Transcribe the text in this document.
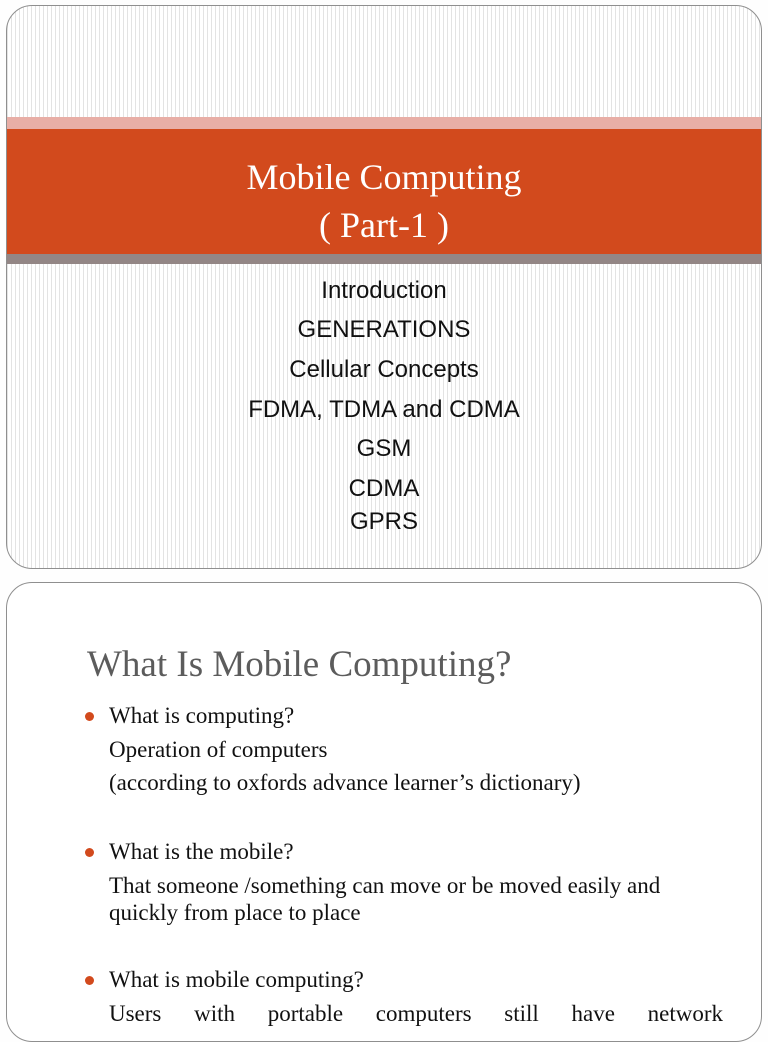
Mobile Computing
( Part-1 )
Introduction
GENERATIONS
Cellular Concepts
FDMA, TDMA and CDMA
GSM
CDMA
GPRS
What Is Mobile Computing?
What is computing?
Operation of computers
(according to oxfords advance learner’s dictionary)
What is the mobile?
That someone /something can move or be moved easily and
quickly from place to place
What is mobile computing?
Users with portable computers still have network
